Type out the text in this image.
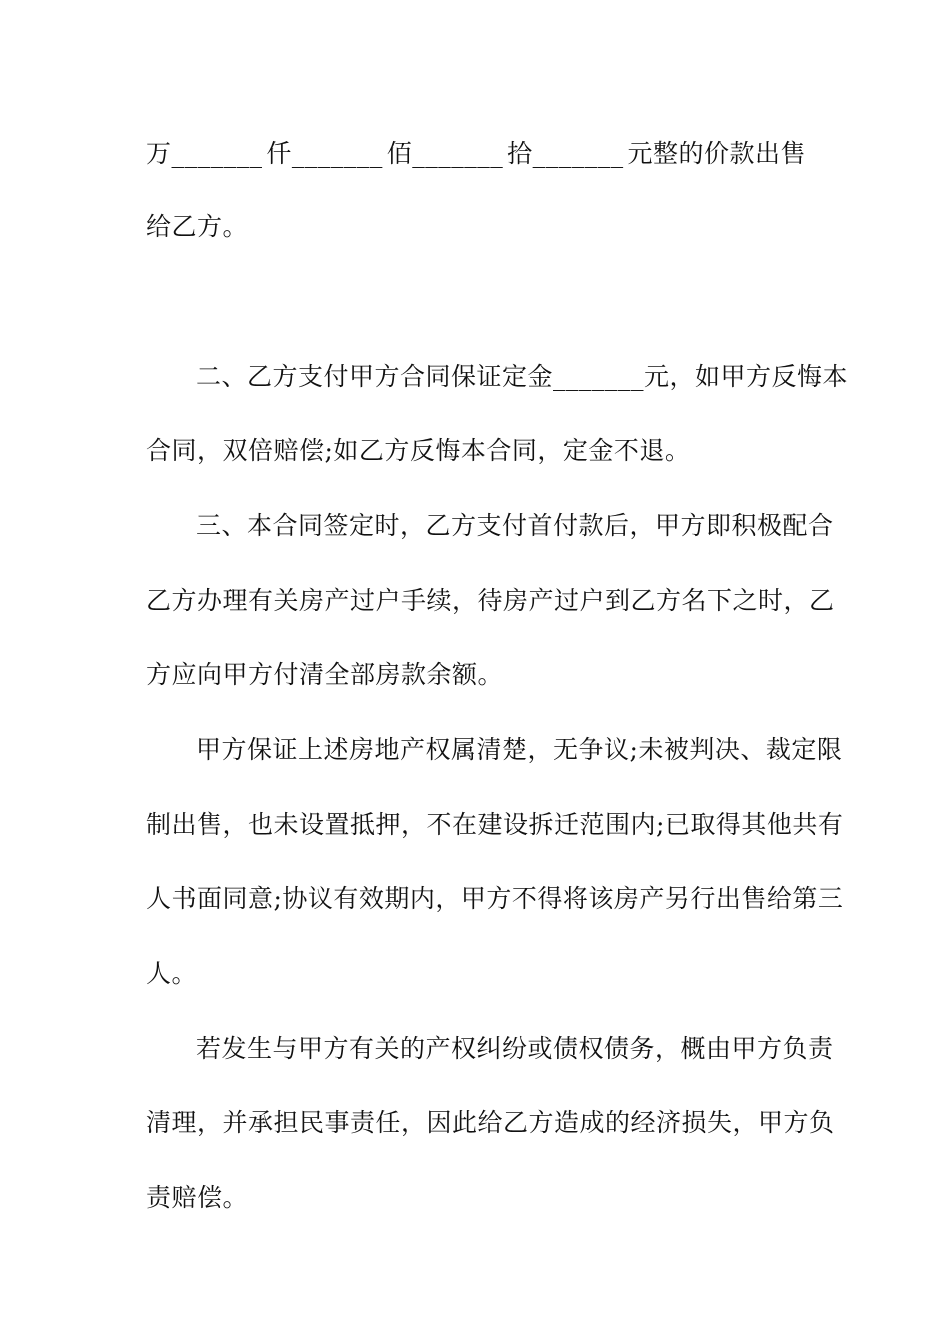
万_______ 仟_______ 佰_______ 拾_______ 元整的价款出售
给乙方。
二、乙方支付甲方合同保证定金_______元，如甲方反悔本
合同，双倍赔偿;如乙方反悔本合同，定金不退。
三、本合同签定时，乙方支付首付款后，甲方即积极配合
乙方办理有关房产过户手续，待房产过户到乙方名下之时，乙
方应向甲方付清全部房款余额。
甲方保证上述房地产权属清楚，无争议;未被判决、裁定限
制出售，也未设置抵押，不在建设拆迁范围内;已取得其他共有
人书面同意;协议有效期内，甲方不得将该房产另行出售给第三
人。
若发生与甲方有关的产权纠纷或债权债务，概由甲方负责
清理，并承担民事责任，因此给乙方造成的经济损失，甲方负
责赔偿。
